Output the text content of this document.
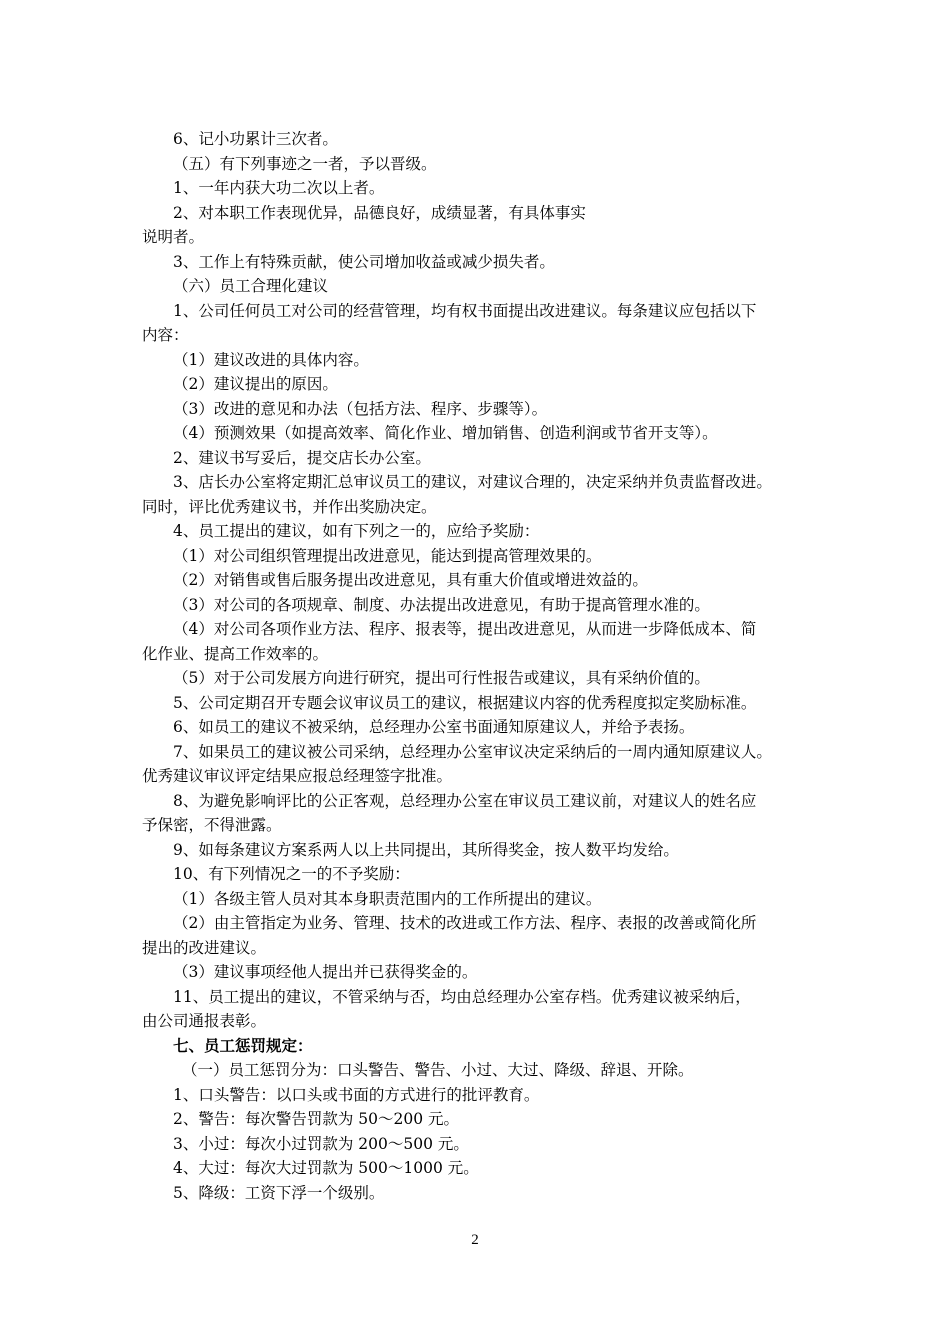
6、记小功累计三次者。
（五）有下列事迹之一者，予以晋级。
1、一年内获大功二次以上者。
2、对本职工作表现优异，品德良好，成绩显著，有具体事实
说明者。
3、工作上有特殊贡献，使公司增加收益或减少损失者。
（六）员工合理化建议
1、公司任何员工对公司的经营管理，均有权书面提出改进建议。每条建议应包括以下
内容：
（1）建议改进的具体内容。
（2）建议提出的原因。
（3）改进的意见和办法（包括方法、程序、步骤等）。
（4）预测效果（如提高效率、简化作业、增加销售、创造利润或节省开支等）。
2、建议书写妥后，提交店长办公室。
3、店长办公室将定期汇总审议员工的建议，对建议合理的，决定采纳并负责监督改进。
同时，评比优秀建议书，并作出奖励决定。
4、员工提出的建议，如有下列之一的，应给予奖励：
（1）对公司组织管理提出改进意见，能达到提高管理效果的。
（2）对销售或售后服务提出改进意见，具有重大价值或增进效益的。
（3）对公司的各项规章、制度、办法提出改进意见，有助于提高管理水准的。
（4）对公司各项作业方法、程序、报表等，提出改进意见，从而进一步降低成本、简
化作业、提高工作效率的。
（5）对于公司发展方向进行研究，提出可行性报告或建议，具有采纳价值的。
5、公司定期召开专题会议审议员工的建议，根据建议内容的优秀程度拟定奖励标准。
6、如员工的建议不被采纳，总经理办公室书面通知原建议人，并给予表扬。
7、如果员工的建议被公司采纳，总经理办公室审议决定采纳后的一周内通知原建议人。
优秀建议审议评定结果应报总经理签字批准。
8、为避免影响评比的公正客观，总经理办公室在审议员工建议前，对建议人的姓名应
予保密，不得泄露。
9、如每条建议方案系两人以上共同提出，其所得奖金，按人数平均发给。
10、有下列情况之一的不予奖励：
（1）各级主管人员对其本身职责范围内的工作所提出的建议。
（2）由主管指定为业务、管理、技术的改进或工作方法、程序、表报的改善或简化所
提出的改进建议。
（3）建议事项经他人提出并已获得奖金的。
11、员工提出的建议，不管采纳与否，均由总经理办公室存档。优秀建议被采纳后，
由公司通报表彰。
七、员工惩罚规定：
（一）员工惩罚分为：口头警告、警告、小过、大过、降级、辞退、开除。
1、口头警告：以口头或书面的方式进行的批评教育。
2、警告：每次警告罚款为 50～200 元。
3、小过：每次小过罚款为 200～500 元。
4、大过：每次大过罚款为 500～1000 元。
5、降级：工资下浮一个级别。
2
